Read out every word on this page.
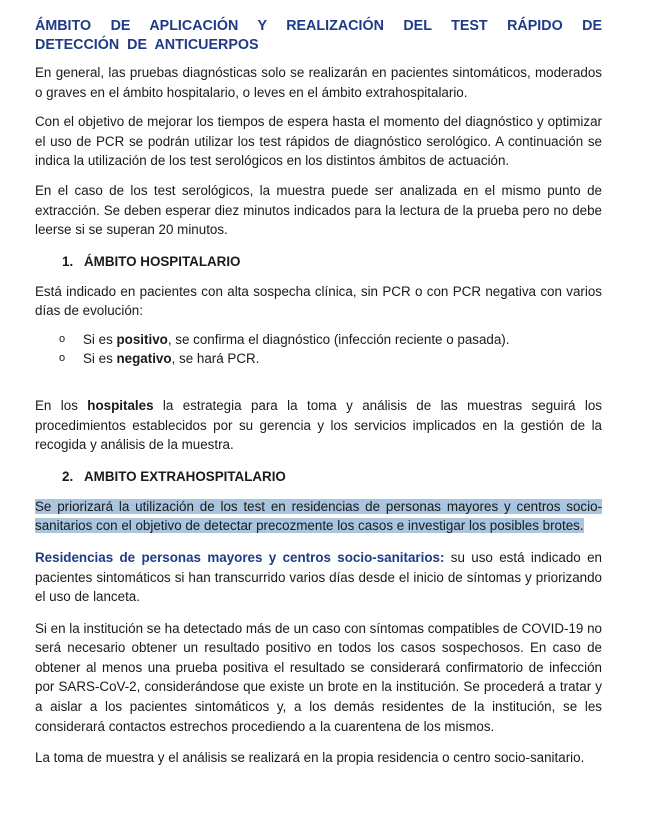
ÁMBITO DE APLICACIÓN Y REALIZACIÓN DEL TEST RÁPIDO DE DETECCIÓN DE ANTICUERPOS

En general, las pruebas diagnósticas solo se realizarán en pacientes sintomáticos, moderados o graves en el ámbito hospitalario, o leves en el ámbito extrahospitalario.

Con el objetivo de mejorar los tiempos de espera hasta el momento del diagnóstico y optimizar el uso de PCR se podrán utilizar los test rápidos de diagnóstico serológico. A continuación se indica la utilización de los test serológicos en los distintos ámbitos de actuación.

En el caso de los test serológicos, la muestra puede ser analizada en el mismo punto de extracción. Se deben esperar diez minutos indicados para la lectura de la prueba pero no debe leerse si se superan 20 minutos.

1. ÁMBITO HOSPITALARIO

Está indicado en pacientes con alta sospecha clínica, sin PCR o con PCR negativa con varios días de evolución:

o	Si es positivo, se confirma el diagnóstico (infección reciente o pasada).
o	Si es negativo, se hará PCR.

En los hospitales la estrategia para la toma y análisis de las muestras seguirá los procedimientos establecidos por su gerencia y los servicios implicados en la gestión de la recogida y análisis de la muestra.

2. AMBITO EXTRAHOSPITALARIO

Se priorizará la utilización de los test en residencias de personas mayores y centros socio-sanitarios con el objetivo de detectar precozmente los casos e investigar los posibles brotes.

Residencias de personas mayores y centros socio-sanitarios: su uso está indicado en pacientes sintomáticos si han transcurrido varios días desde el inicio de síntomas y priorizando el uso de lanceta.

Si en la institución se ha detectado más de un caso con síntomas compatibles de COVID-19 no será necesario obtener un resultado positivo en todos los casos sospechosos. En caso de obtener al menos una prueba positiva el resultado se considerará confirmatorio de infección por SARS-CoV-2, considerándose que existe un brote en la institución. Se procederá a tratar y a aislar a los pacientes sintomáticos y, a los demás residentes de la institución, se les considerará contactos estrechos procediendo a la cuarentena de los mismos.

La toma de muestra y el análisis se realizará en la propia residencia o centro socio-sanitario.
